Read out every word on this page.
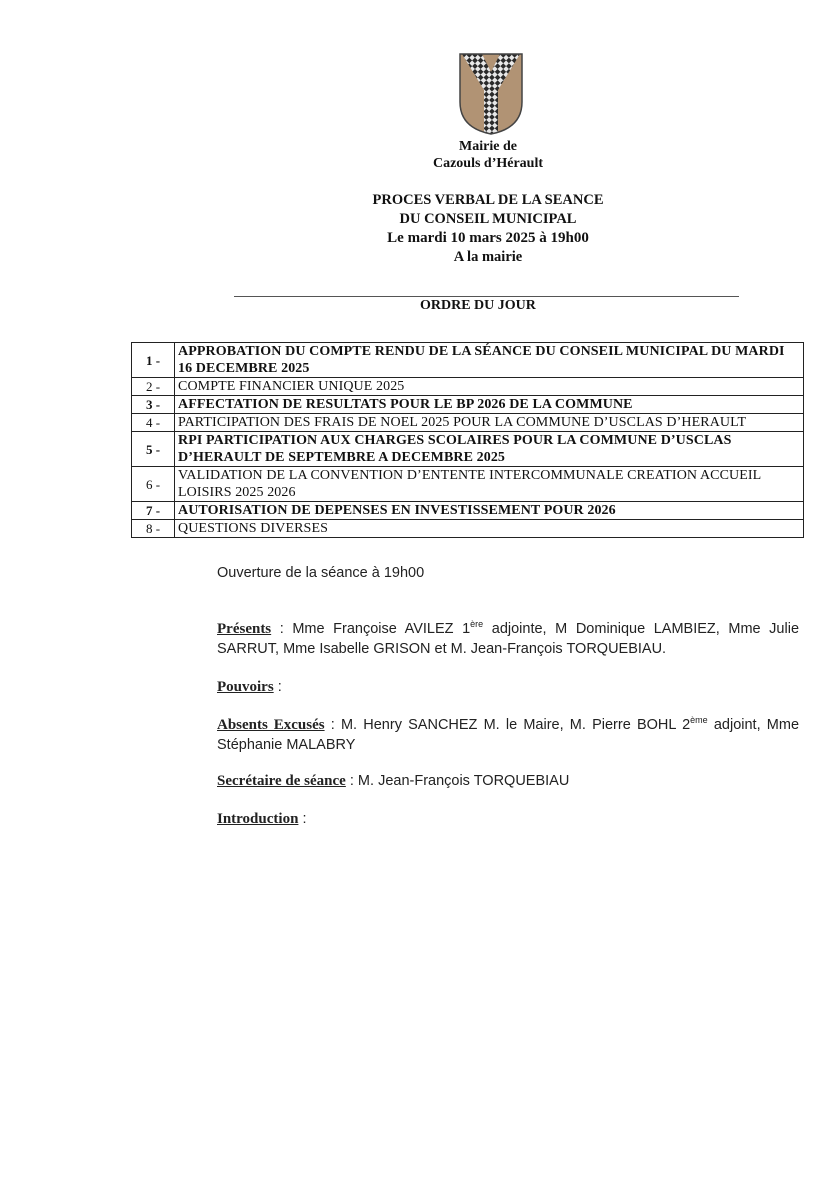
Mairie de
Cazouls d’Hérault
PROCES VERBAL DE LA SEANCE
DU CONSEIL MUNICIPAL
Le mardi 10 mars 2025 à 19h00
A la mairie
ORDRE DU JOUR
1 -	APPROBATION DU COMPTE RENDU DE LA SÉANCE DU CONSEIL MUNICIPAL DU MARDI 16 DECEMBRE 2025
2 -	COMPTE FINANCIER UNIQUE 2025
3 -	AFFECTATION DE RESULTATS POUR LE BP 2026 DE LA COMMUNE
4 -	PARTICIPATION DES FRAIS DE NOEL 2025 POUR LA COMMUNE D’USCLAS D’HERAULT
5 -	RPI PARTICIPATION AUX CHARGES SCOLAIRES POUR LA COMMUNE D’USCLAS D’HERAULT DE SEPTEMBRE A DECEMBRE 2025
6 -	VALIDATION DE LA CONVENTION D’ENTENTE INTERCOMMUNALE CREATION ACCUEIL LOISIRS 2025 2026
7 -	AUTORISATION DE DEPENSES EN INVESTISSEMENT POUR 2026
8 -	QUESTIONS DIVERSES
Ouverture de la séance à 19h00
Présents : Mme Françoise AVILEZ 1ère adjointe, M Dominique LAMBIEZ, Mme Julie SARRUT, Mme Isabelle GRISON et M. Jean-François TORQUEBIAU.
Pouvoirs :
Absents Excusés : M. Henry SANCHEZ M. le Maire, M. Pierre BOHL 2ème adjoint, Mme Stéphanie MALABRY
Secrétaire de séance : M. Jean-François TORQUEBIAU
Introduction :
